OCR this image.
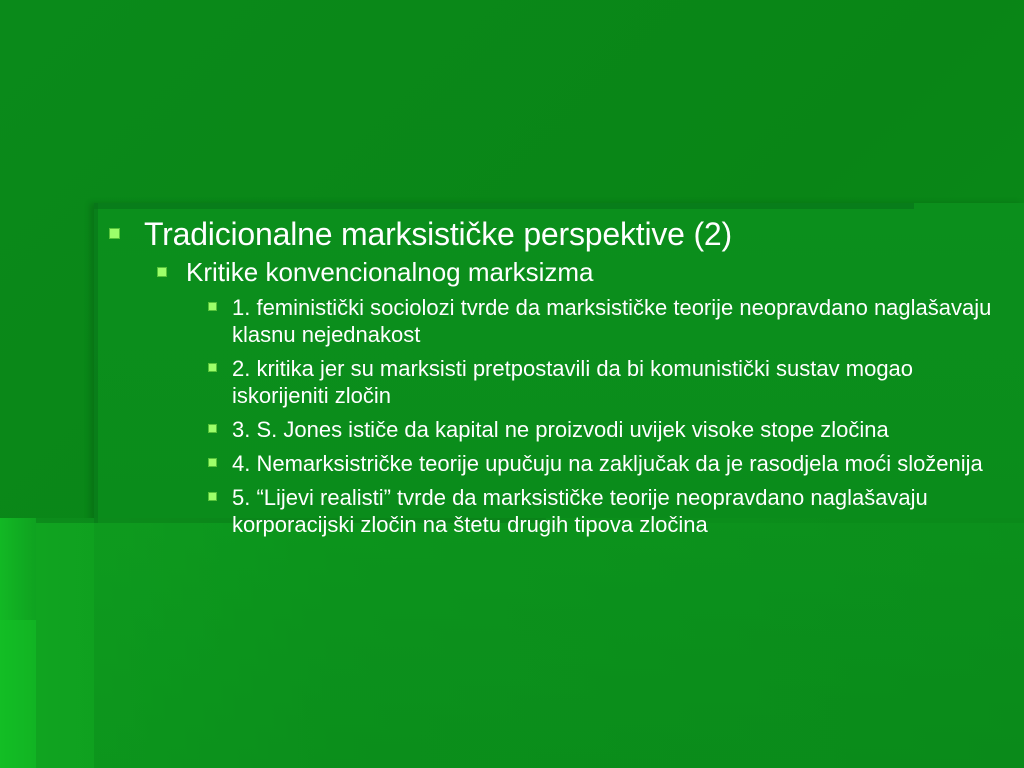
Tradicionalne marksističke perspektive (2)
Kritike konvencionalnog marksizma
1. feministički sociolozi tvrde da marksističke teorije neopravdano naglašavaju klasnu nejednakost
2. kritika jer su marksisti pretpostavili da bi komunistički sustav mogao iskorijeniti zločin
3. S. Jones ističe da kapital ne proizvodi uvijek visoke stope zločina
4. Nemarksistričke teorije upučuju na zaključak da je rasodjela moći složenija
5. “Lijevi realisti” tvrde da marksističke teorije neopravdano naglašavaju korporacijski zločin na štetu drugih tipova zločina
